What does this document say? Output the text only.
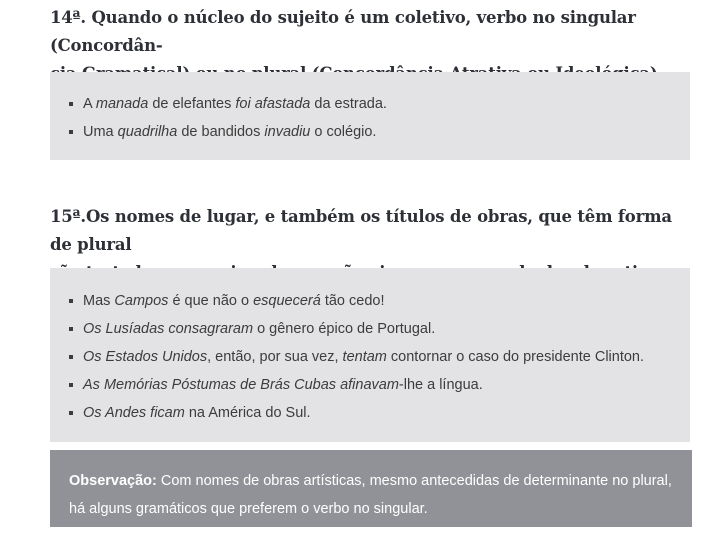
14ª. Quando o núcleo do sujeito é um coletivo, verbo no singular (Concordân-
A manada de elefantes foi afastada da estrada.
Uma quadrilha de bandidos invadiu o colégio.
15ª.Os nomes de lugar, e também os títulos de obras, que têm forma de plural
Mas Campos é que não o esquecerá tão cedo!
Os Lusíadas consagraram o gênero épico de Portugal.
Os Estados Unidos, então, por sua vez, tentam contornar o caso do presidente Clinton.
As Memórias Póstumas de Brás Cubas afinavam-lhe a língua.
Os Andes ficam na América do Sul.
Observação: Com nomes de obras artísticas, mesmo antecedidas de determinante no plural, há alguns gramáticos que preferem o verbo no singular.
